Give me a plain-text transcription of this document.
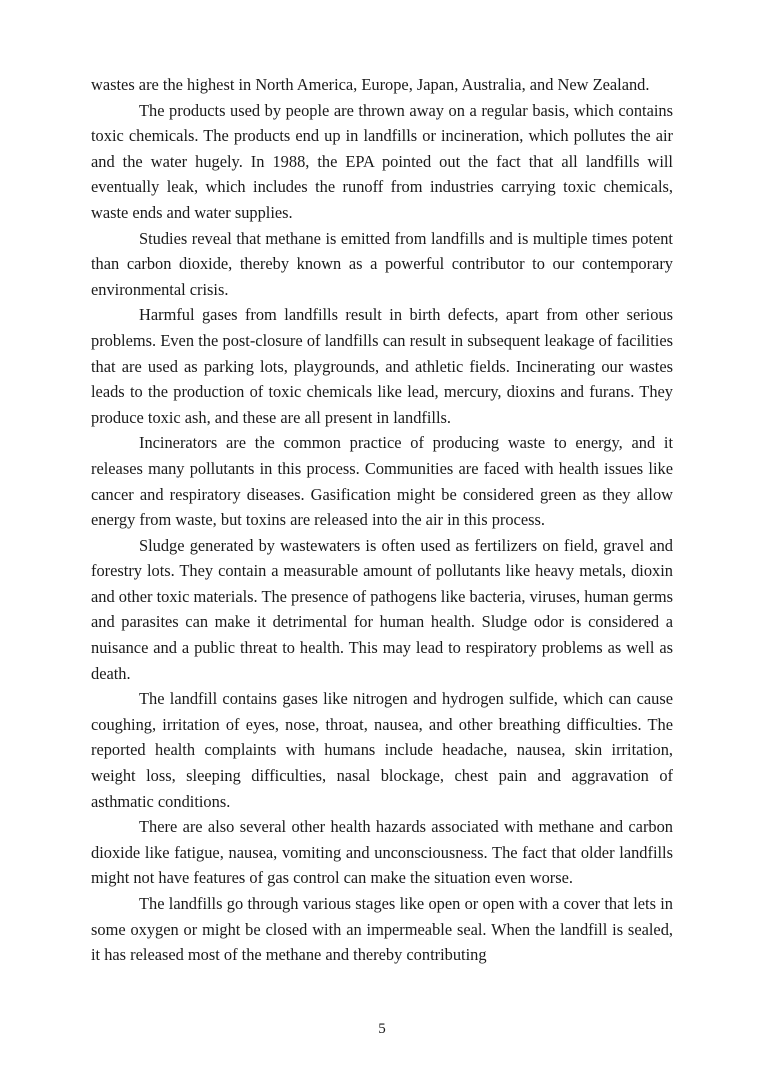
wastes are the highest in North America, Europe, Japan, Australia, and New Zealand.

The products used by people are thrown away on a regular basis, which contains toxic chemicals. The products end up in landfills or incineration, which pollutes the air and the water hugely. In 1988, the EPA pointed out the fact that all landfills will eventually leak, which includes the runoff from industries carrying toxic chemicals, waste ends and water supplies.

Studies reveal that methane is emitted from landfills and is multiple times potent than carbon dioxide, thereby known as a powerful contributor to our contemporary environmental crisis.

Harmful gases from landfills result in birth defects, apart from other serious problems. Even the post-closure of landfills can result in subsequent leakage of facilities that are used as parking lots, playgrounds, and athletic fields. Incinerating our wastes leads to the production of toxic chemicals like lead, mercury, dioxins and furans. They produce toxic ash, and these are all present in landfills.

Incinerators are the common practice of producing waste to energy, and it releases many pollutants in this process. Communities are faced with health issues like cancer and respiratory diseases. Gasification might be considered green as they allow energy from waste, but toxins are released into the air in this process.

Sludge generated by wastewaters is often used as fertilizers on field, gravel and forestry lots. They contain a measurable amount of pollutants like heavy metals, dioxin and other toxic materials. The presence of pathogens like bacteria, viruses, human germs and parasites can make it detrimental for human health. Sludge odor is considered a nuisance and a public threat to health. This may lead to respiratory problems as well as death.

The landfill contains gases like nitrogen and hydrogen sulfide, which can cause coughing, irritation of eyes, nose, throat, nausea, and other breathing difficulties. The reported health complaints with humans include headache, nausea, skin irritation, weight loss, sleeping difficulties, nasal blockage, chest pain and aggravation of asthmatic conditions.

There are also several other health hazards associated with methane and carbon dioxide like fatigue, nausea, vomiting and unconsciousness. The fact that older landfills might not have features of gas control can make the situation even worse.

The landfills go through various stages like open or open with a cover that lets in some oxygen or might be closed with an impermeable seal. When the landfill is sealed, it has released most of the methane and thereby contributing

5
